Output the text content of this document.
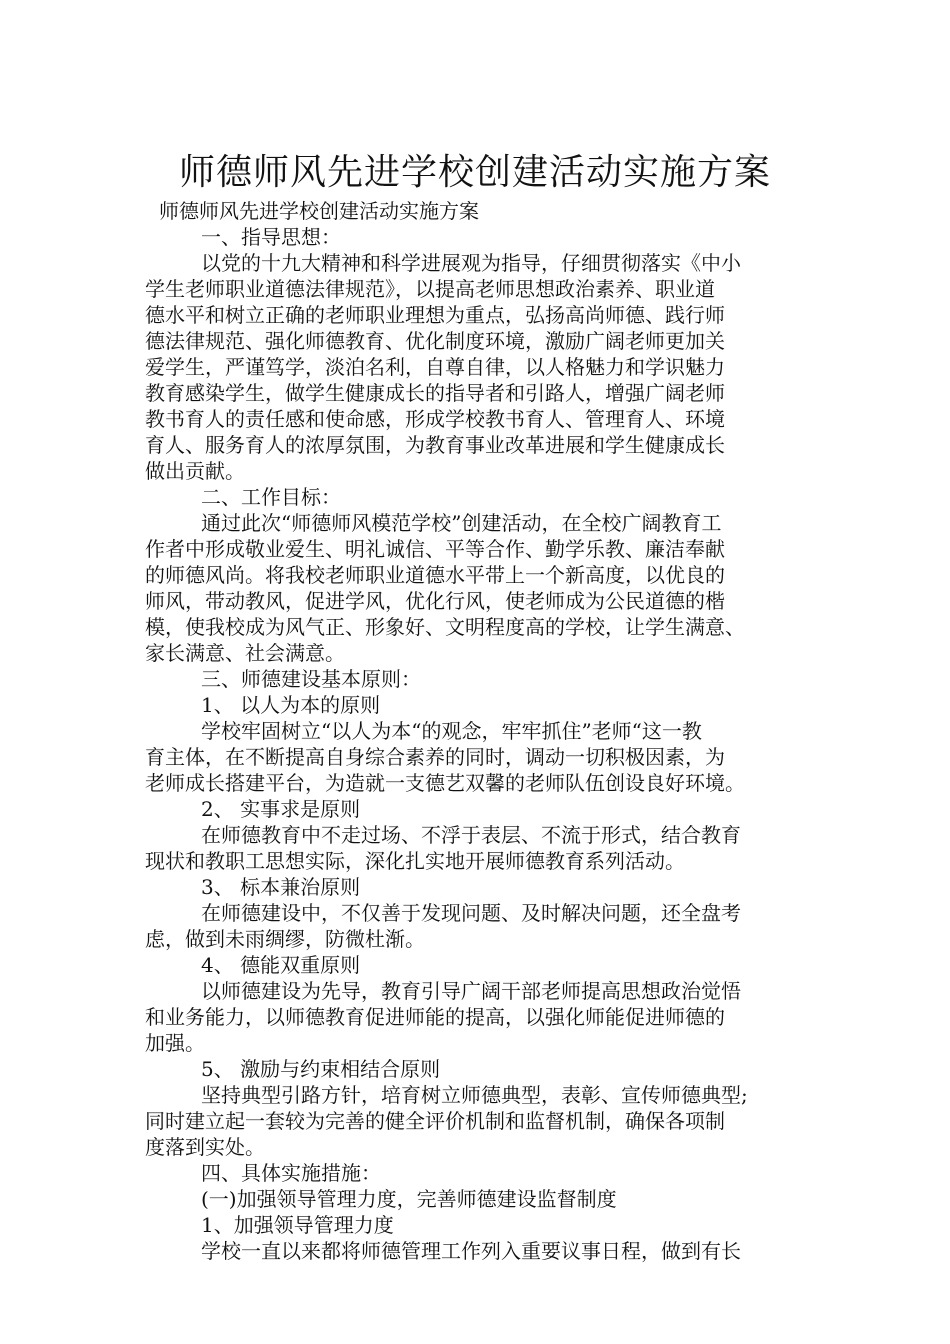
师德师风先进学校创建活动实施方案
师德师风先进学校创建活动实施方案
一、指导思想：
以党的十九大精神和科学进展观为指导，仔细贯彻落实《中小
学生老师职业道德法律规范》，以提高老师思想政治素养、职业道
德水平和树立正确的老师职业理想为重点，弘扬高尚师德、践行师
德法律规范、强化师德教育、优化制度环境，激励广阔老师更加关
爱学生，严谨笃学，淡泊名利，自尊自律，以人格魅力和学识魅力
教育感染学生，做学生健康成长的指导者和引路人，增强广阔老师
教书育人的责任感和使命感，形成学校教书育人、管理育人、环境
育人、服务育人的浓厚氛围，为教育事业改革进展和学生健康成长
做出贡献。
二、工作目标：
通过此次“师德师风模范学校”创建活动，在全校广阔教育工
作者中形成敬业爱生、明礼诚信、平等合作、勤学乐教、廉洁奉献
的师德风尚。将我校老师职业道德水平带上一个新高度，以优良的
师风，带动教风，促进学风，优化行风，使老师成为公民道德的楷
模，使我校成为风气正、形象好、文明程度高的学校，让学生满意、
家长满意、社会满意。
三、师德建设基本原则：
1、 以人为本的原则
学校牢固树立“以人为本“的观念，牢牢抓住”老师“这一教
育主体，在不断提高自身综合素养的同时，调动一切积极因素，为
老师成长搭建平台，为造就一支德艺双馨的老师队伍创设良好环境。
2、 实事求是原则
在师德教育中不走过场、不浮于表层、不流于形式，结合教育
现状和教职工思想实际，深化扎实地开展师德教育系列活动。
3、 标本兼治原则
在师德建设中，不仅善于发现问题、及时解决问题，还全盘考
虑，做到未雨绸缪，防微杜渐。
4、 德能双重原则
以师德建设为先导，教育引导广阔干部老师提高思想政治觉悟
和业务能力，以师德教育促进师能的提高，以强化师能促进师德的
加强。
5、 激励与约束相结合原则
坚持典型引路方针，培育树立师德典型，表彰、宣传师德典型;
同时建立起一套较为完善的健全评价机制和监督机制，确保各项制
度落到实处。
四、具体实施措施：
(一)加强领导管理力度，完善师德建设监督制度
1、加强领导管理力度
学校一直以来都将师德管理工作列入重要议事日程，做到有长
